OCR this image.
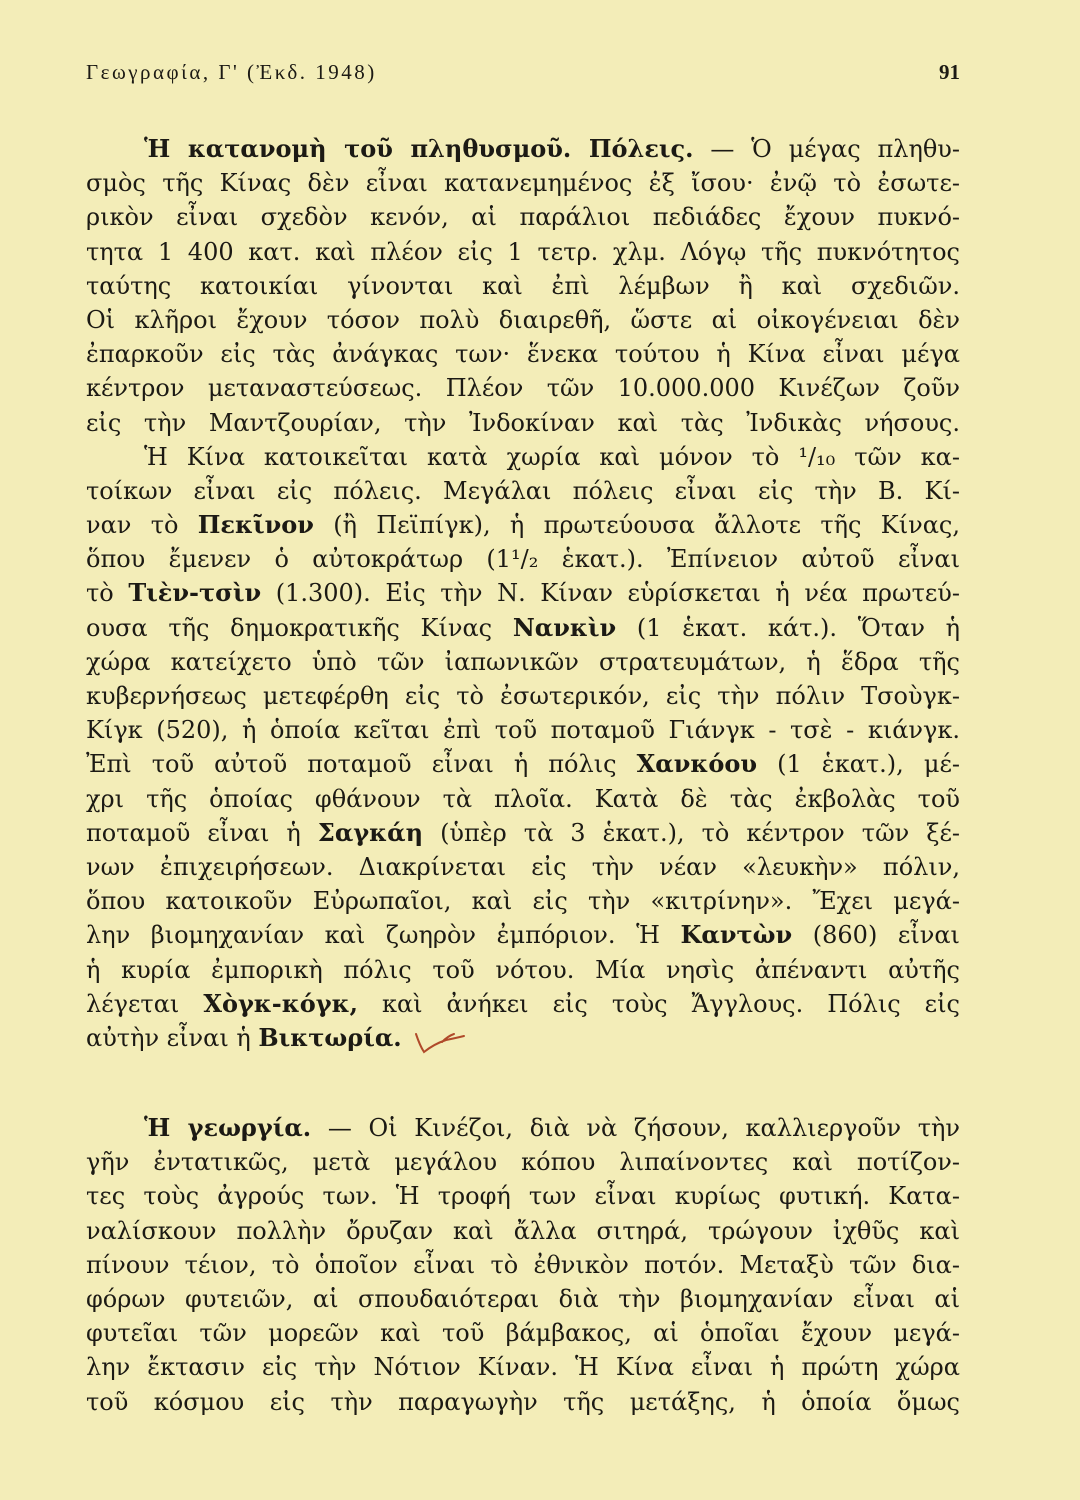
Γεωγραφία, Γ' (Ἐκδ. 1948)	91
Ἡ κατανομὴ τοῦ πληθυσμοῦ. Πόλεις. — Ὁ μέγας πληθυ-
σμὸς τῆς Κίνας δὲν εἶναι κατανεμημένος ἐξ ἴσου· ἐνῷ τὸ ἐσωτε-
ρικὸν εἶναι σχεδὸν κενόν, αἱ παράλιοι πεδιάδες ἔχουν πυκνό-
τητα 1 400 κατ. καὶ πλέον εἰς 1 τετρ. χλμ. Λόγῳ τῆς πυκνότητος
ταύτης κατοικίαι γίνονται καὶ ἐπὶ λέμβων ἢ καὶ σχεδιῶν.
Οἱ κλῆροι ἔχουν τόσον πολὺ διαιρεθῆ, ὥστε αἱ οἰκογένειαι δὲν
ἐπαρκοῦν εἰς τὰς ἀνάγκας των· ἕνεκα τούτου ἡ Κίνα εἶναι μέγα
κέντρον μεταναστεύσεως. Πλέον τῶν 10.000.000 Κινέζων ζοῦν
εἰς τὴν Μαντζουρίαν, τὴν Ἰνδοκίναν καὶ τὰς Ἰνδικὰς νήσους.
Ἡ Κίνα κατοικεῖται κατὰ χωρία καὶ μόνον τὸ ¹/₁₀ τῶν κα-
τοίκων εἶναι εἰς πόλεις. Μεγάλαι πόλεις εἶναι εἰς τὴν Β. Κί-
ναν τὸ Πεκῖνον (ἢ Πεϊπίγκ), ἡ πρωτεύουσα ἄλλοτε τῆς Κίνας,
ὅπου ἔμενεν ὁ αὐτοκράτωρ (1¹/₂ ἑκατ.). Ἐπίνειον αὐτοῦ εἶναι
τὸ Τιὲν-τσὶν (1.300). Εἰς τὴν Ν. Κίναν εὑρίσκεται ἡ νέα πρωτεύ-
ουσα τῆς δημοκρατικῆς Κίνας Νανκὶν (1 ἑκατ. κάτ.). Ὅταν ἡ
χώρα κατείχετο ὑπὸ τῶν ἰαπωνικῶν στρατευμάτων, ἡ ἕδρα τῆς
κυβερνήσεως μετεφέρθη εἰς τὸ ἐσωτερικόν, εἰς τὴν πόλιν Τσοὺγκ-
Κίγκ (520), ἡ ὁποία κεῖται ἐπὶ τοῦ ποταμοῦ Γιάνγκ - τσὲ - κιάνγκ.
Ἐπὶ τοῦ αὐτοῦ ποταμοῦ εἶναι ἡ πόλις Χανκόου (1 ἑκατ.), μέ-
χρι τῆς ὁποίας φθάνουν τὰ πλοῖα. Κατὰ δὲ τὰς ἐκβολὰς τοῦ
ποταμοῦ εἶναι ἡ Σαγκάη (ὑπὲρ τὰ 3 ἑκατ.), τὸ κέντρον τῶν ξέ-
νων ἐπιχειρήσεων. Διακρίνεται εἰς τὴν νέαν «λευκὴν» πόλιν,
ὅπου κατοικοῦν Εὐρωπαῖοι, καὶ εἰς τὴν «κιτρίνην». Ἔχει μεγά-
λην βιομηχανίαν καὶ ζωηρὸν ἐμπόριον. Ἡ Καντὼν (860) εἶναι
ἡ κυρία ἐμπορικὴ πόλις τοῦ νότου. Μία νησὶς ἀπέναντι αὐτῆς
λέγεται Χὸγκ-κόγκ, καὶ ἀνήκει εἰς τοὺς Ἄγγλους. Πόλις εἰς
αὐτὴν εἶναι ἡ Βικτωρία.
Ἡ γεωργία. — Οἱ Κινέζοι, διὰ νὰ ζήσουν, καλλιεργοῦν τὴν
γῆν ἐντατικῶς, μετὰ μεγάλου κόπου λιπαίνοντες καὶ ποτίζον-
τες τοὺς ἀγρούς των. Ἡ τροφή των εἶναι κυρίως φυτική. Κατα-
ναλίσκουν πολλὴν ὄρυζαν καὶ ἄλλα σιτηρά, τρώγουν ἰχθῦς καὶ
πίνουν τέιον, τὸ ὁποῖον εἶναι τὸ ἐθνικὸν ποτόν. Μεταξὺ τῶν δια-
φόρων φυτειῶν, αἱ σπουδαιότεραι διὰ τὴν βιομηχανίαν εἶναι αἱ
φυτεῖαι τῶν μορεῶν καὶ τοῦ βάμβακος, αἱ ὁποῖαι ἔχουν μεγά-
λην ἔκτασιν εἰς τὴν Νότιον Κίναν. Ἡ Κίνα εἶναι ἡ πρώτη χώρα
τοῦ κόσμου εἰς τὴν παραγωγὴν τῆς μετάξης, ἡ ὁποία ὅμως
